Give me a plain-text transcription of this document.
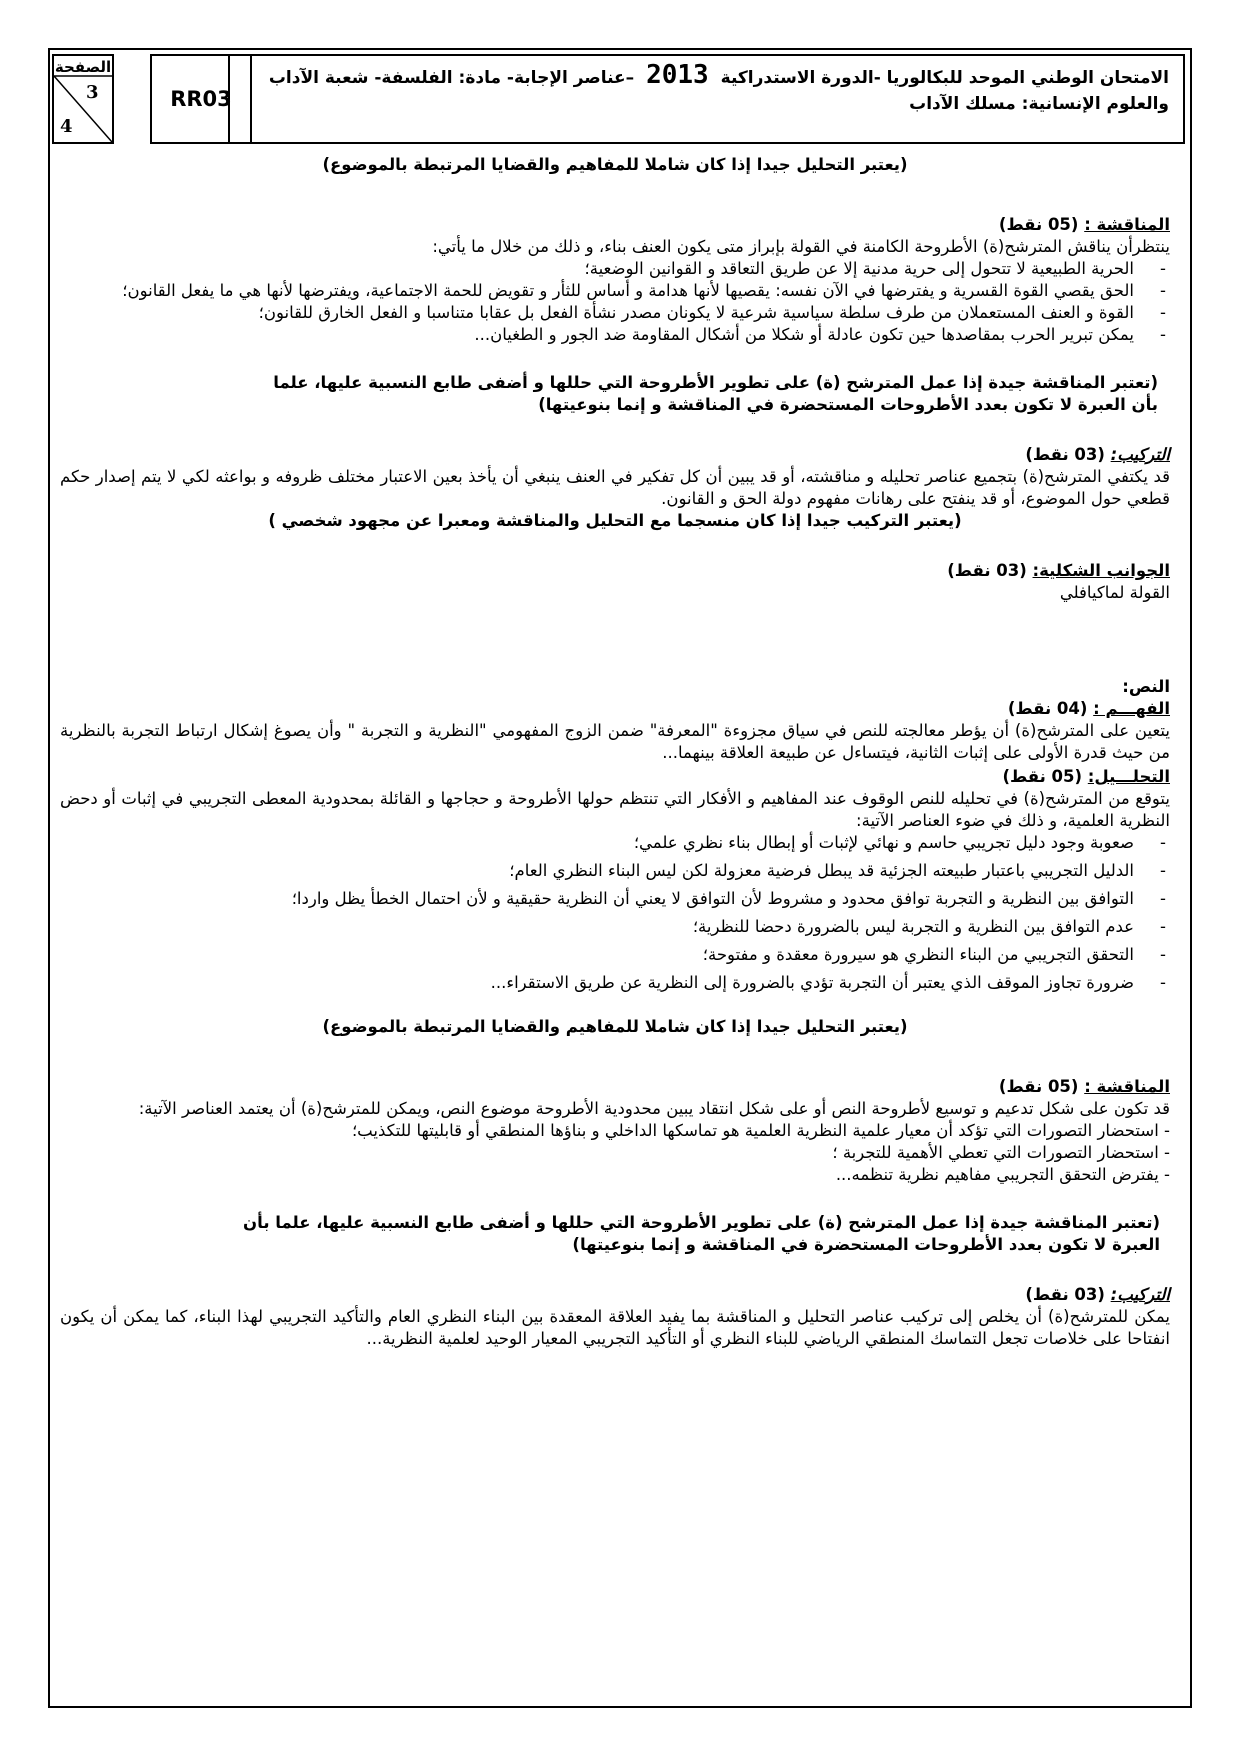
الصفحة
3
4
RR03
الامتحان الوطني الموحد للبكالوريا -الدورة الاستدراكية 2013 –عناصر الإجابة- مادة: الفلسفة- شعبة الآداب
والعلوم الإنسانية: مسلك الآداب

(يعتبر التحليل جيدا إذا كان شاملا للمفاهيم والقضايا المرتبطة بالموضوع)

المناقشة : (05 نقط)

ينتظرأن يناقش المترشح(ة) الأطروحة الكامنة في القولة بإبراز متى يكون العنف بناء، و ذلك من خلال ما يأتي:

- الحرية الطبيعية لا تتحول إلى حرية مدنية إلا عن طريق التعاقد و القوانين الوضعية؛
- الحق يقصي القوة القسرية و يفترضها في الآن نفسه: يقصيها لأنها هدامة و أساس للثأر و تقويض للحمة الاجتماعية، ويفترضها لأنها هي ما يفعل القانون؛
- القوة و العنف المستعملان من طرف سلطة سياسية شرعية لا يكونان مصدر نشأة الفعل بل عقابا متناسبا و الفعل الخارق للقانون؛
- يمكن تبرير الحرب بمقاصدها حين تكون عادلة أو شكلا من أشكال المقاومة ضد الجور و الطغيان...

(تعتبر المناقشة جيدة إذا عمل المترشح (ة) على تطوير الأطروحة التي حللها و أضفى طابع النسبية عليها، علما

بأن العبرة لا تكون بعدد الأطروحات المستحضرة في المناقشة و إنما بنوعيتها)

التركيب: (03 نقط)

قد يكتفي المترشح(ة) بتجميع عناصر تحليله و مناقشته، أو قد يبين أن كل تفكير في العنف ينبغي أن يأخذ بعين الاعتبار مختلف ظروفه و بواعثه لكي لا يتم إصدار حكم قطعي حول الموضوع، أو قد ينفتح على رهانات مفهوم دولة الحق و القانون.

(يعتبر التركيب جيدا إذا كان منسجما مع التحليل والمناقشة ومعبرا عن مجهود شخصي )

الجوانب الشكلية: (03 نقط)

القولة لماكيافلي

النص:

الفهـــم : (04 نقط)

يتعين على المترشح(ة) أن يؤطر معالجته للنص في سياق مجزوءة "المعرفة" ضمن الزوج المفهومي "النظرية و التجربة " وأن يصوغ إشكال ارتباط التجربة بالنظرية من حيث قدرة الأولى على إثبات الثانية، فيتساءل عن طبيعة العلاقة بينهما...

التحلـــيل: (05 نقط)

يتوقع من المترشح(ة) في تحليله للنص الوقوف عند المفاهيم و الأفكار التي تنتظم حولها الأطروحة و حجاجها و القائلة بمحدودية المعطى التجريبي في إثبات أو دحض النظرية العلمية، و ذلك في ضوء العناصر الآتية:

- صعوبة وجود دليل تجريبي حاسم و نهائي لإثبات أو إبطال بناء نظري علمي؛
- الدليل التجريبي باعتبار طبيعته الجزئية قد يبطل فرضية معزولة لكن ليس البناء النظري العام؛
- التوافق بين النظرية و التجربة توافق محدود و مشروط لأن التوافق لا يعني أن النظرية حقيقية و لأن احتمال الخطأ يظل واردا؛
- عدم التوافق بين النظرية و التجربة ليس بالضرورة دحضا للنظرية؛
- التحقق التجريبي من البناء النظري هو سيرورة معقدة و مفتوحة؛
- ضرورة تجاوز الموقف الذي يعتبر أن التجربة تؤدي بالضرورة إلى النظرية عن طريق الاستقراء...

(يعتبر التحليل جيدا إذا كان شاملا للمفاهيم والقضايا المرتبطة بالموضوع)

المناقشة : (05 نقط)

قد تكون على شكل تدعيم و توسيع لأطروحة النص أو على شكل انتقاد يبين محدودية الأطروحة موضوع النص، ويمكن للمترشح(ة) أن يعتمد العناصر الآتية:

- استحضار التصورات التي تؤكد أن معيار علمية النظرية العلمية هو تماسكها الداخلي و بناؤها المنطقي أو قابليتها للتكذيب؛
- استحضار التصورات التي تعطي الأهمية للتجربة ؛
- يفترض التحقق التجريبي مفاهيم نظرية تنظمه...

(تعتبر المناقشة جيدة إذا عمل المترشح (ة) على تطوير الأطروحة التي حللها و أضفى طابع النسبية عليها، علما بأن

العبرة لا تكون بعدد الأطروحات المستحضرة في المناقشة و إنما بنوعيتها)

التركيب: (03 نقط)

يمكن للمترشح(ة) أن يخلص إلى تركيب عناصر التحليل و المناقشة بما يفيد العلاقة المعقدة بين البناء النظري العام والتأكيد التجريبي لهذا البناء، كما يمكن أن يكون انفتاحا على خلاصات تجعل التماسك المنطقي الرياضي للبناء النظري أو التأكيد التجريبي المعيار الوحيد لعلمية النظرية...
